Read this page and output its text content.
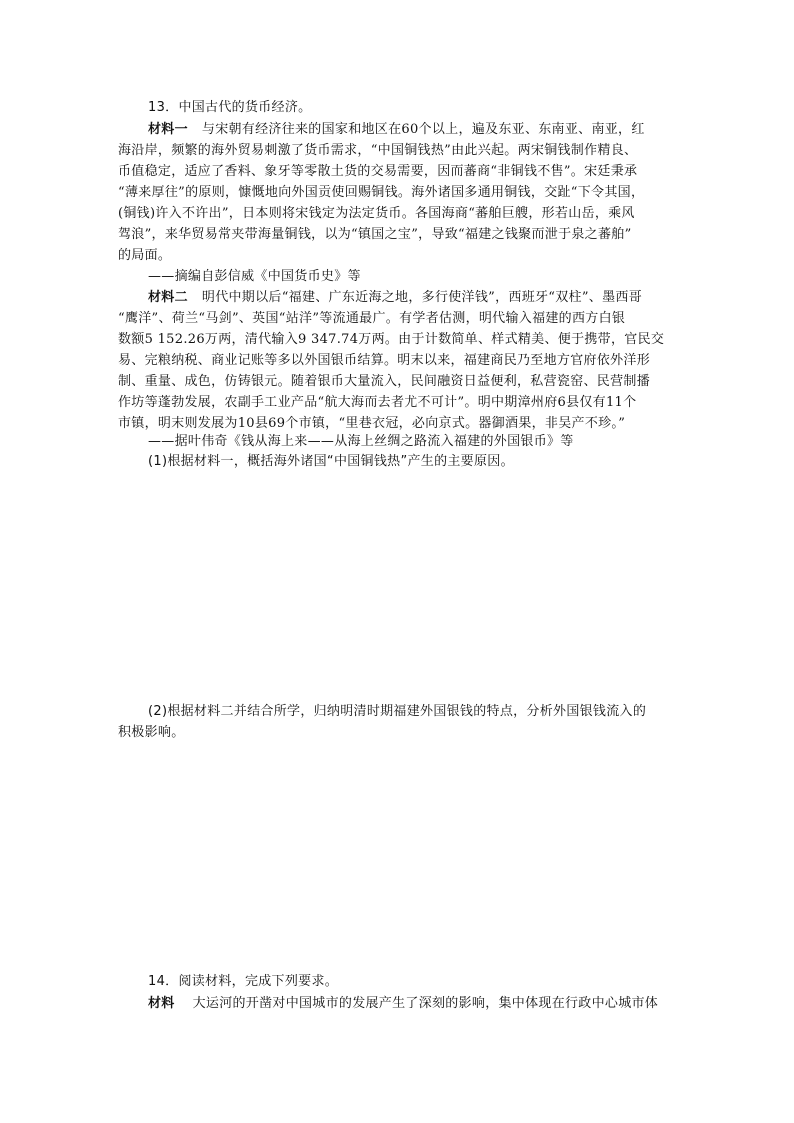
13．中国古代的货币经济。
材料一 与宋朝有经济往来的国家和地区在60个以上，遍及东亚、东南亚、南亚，红
海沿岸，频繁的海外贸易刺激了货币需求，“中国铜钱热”由此兴起。两宋铜钱制作精良、
币值稳定，适应了香料、象牙等零散土货的交易需要，因而蕃商“非铜钱不售”。宋廷秉承
“薄来厚往”的原则，慷慨地向外国贡使回赐铜钱。海外诸国多通用铜钱，交趾“下令其国，
(铜钱)许入不许出”，日本则将宋钱定为法定货币。各国海商“蕃舶巨艘，形若山岳，乘风
驾浪”，来华贸易常夹带海量铜钱，以为“镇国之宝”，导致“福建之钱聚而泄于泉之蕃舶”
的局面。
——摘编自彭信威《中国货币史》等
材料二 明代中期以后“福建、广东近海之地，多行使洋钱”，西班牙“双柱”、墨西哥
“鹰洋”、荷兰“马剑”、英国“站洋”等流通最广。有学者估测，明代输入福建的西方白银
数额5 152.26万两，清代输入9 347.74万两。由于计数简单、样式精美、便于携带，官民交
易、完粮纳税、商业记账等多以外国银币结算。明末以来，福建商民乃至地方官府依外洋形
制、重量、成色，仿铸银元。随着银币大量流入，民间融资日益便利，私营瓷窑、民营制播
作坊等蓬勃发展，农副手工业产品“航大海而去者尤不可计”。明中期漳州府6县仅有11个
市镇，明末则发展为10县69个市镇，“里巷衣冠，必向京式。器御酒果，非吴产不珍。”
——据叶伟奇《钱从海上来——从海上丝绸之路流入福建的外国银币》等
(1)根据材料一，概括海外诸国“中国铜钱热”产生的主要原因。
(2)根据材料二并结合所学，归纳明清时期福建外国银钱的特点，分析外国银钱流入的
积极影响。
14．阅读材料，完成下列要求。
材料 大运河的开凿对中国城市的发展产生了深刻的影响，集中体现在行政中心城市体
